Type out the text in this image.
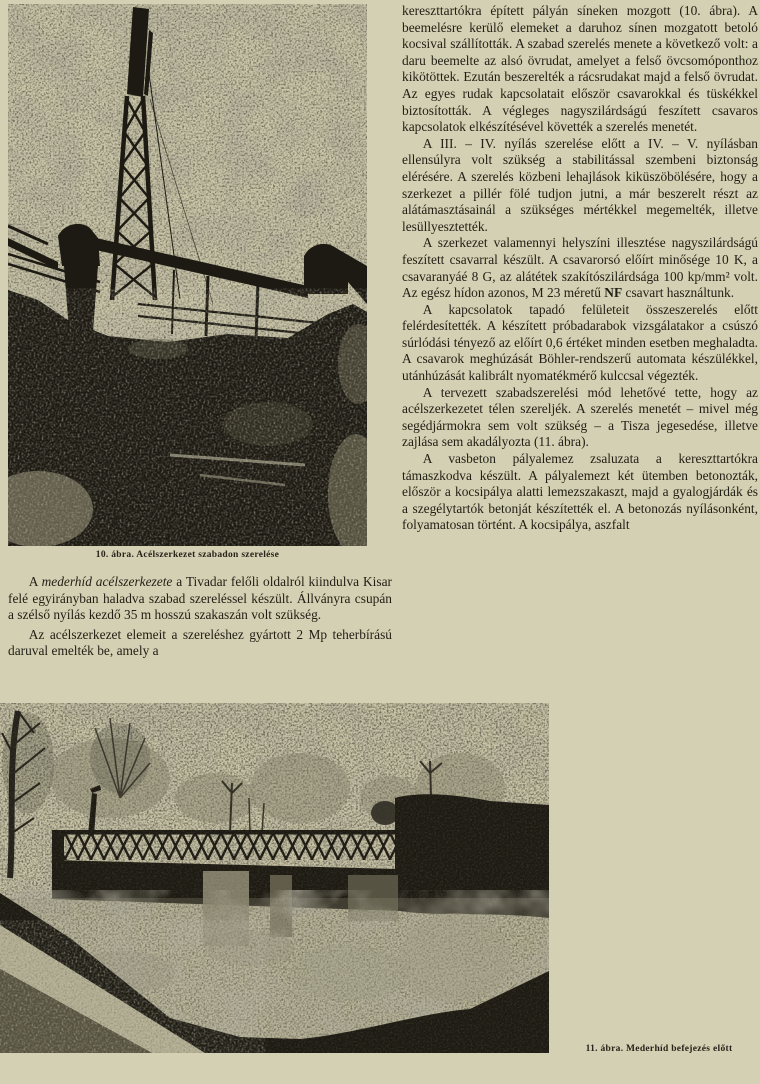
10. ábra. Acélszerkezet szabadon szerelése

A mederhíd acélszerkezete a Tivadar felőli oldalról kiindulva Kisar felé egyirányban haladva szabad szereléssel készült. Állványra csupán a szélső nyílás kezdő 35 m hosszú szakaszán volt szükség.

Az acélszerkezet elemeit a szereléshez gyártott 2 Mp teherbírású daruval emelték be, amely a

kereszttartókra épített pályán síneken mozgott (10. ábra). A beemelésre kerülő elemeket a daruhoz sínen mozgatott betoló kocsival szállították. A szabad szerelés menete a következő volt: a daru beemelte az alsó övrudat, amelyet a felső övcsomóponthoz kikötöttek. Ezután beszerelték a rácsrudakat majd a felső övrudat. Az egyes rudak kapcsolatait először csavarokkal és tüskékkel biztosították. A végleges nagyszilárdságú feszített csavaros kapcsolatok elkészítésével követték a szerelés menetét.

A III. – IV. nyílás szerelése előtt a IV. – V. nyílásban ellensúlyra volt szükség a stabilitással szembeni biztonság elérésére. A szerelés közbeni lehajlások kiküszöbölésére, hogy a szerkezet a pillér fölé tudjon jutni, a már beszerelt részt az alátámasztásainál a szükséges mértékkel megemelték, illetve lesüllyesztették.

A szerkezet valamennyi helyszíni illesztése nagyszilárdságú feszített csavarral készült. A csavarorsó előírt minősége 10 K, a csavaranyáé 8 G, az alátétek szakítószilárdsága 100 kp/mm² volt. Az egész hídon azonos, M 23 méretű NF csavart használtunk.

A kapcsolatok tapadó felületeit összeszerelés előtt felérdesítették. A készített próbadarabok vizsgálatakor a csúszó súrlódási tényező az előírt 0,6 értéket minden esetben meghaladta. A csavarok meghúzását Böhler-rendszerű automata készülékkel, utánhúzását kalibrált nyomatékmérő kulccsal végezték.

A tervezett szabadszerelési mód lehetővé tette, hogy az acélszerkezetet télen szereljék. A szerelés menetét – mivel még segédjármokra sem volt szükség – a Tisza jegesedése, illetve zajlása sem akadályozta (11. ábra).

A vasbeton pályalemez zsaluzata a kereszttartókra támaszkodva készült. A pályalemezt két ütemben betonozták, először a kocsipálya alatti lemezszakaszt, majd a gyalogjárdák és a szegélytartók betonját készítették el. A betonozás nyílásonként, folyamatosan történt. A kocsipálya, aszfalt

11. ábra. Mederhíd befejezés előtt
